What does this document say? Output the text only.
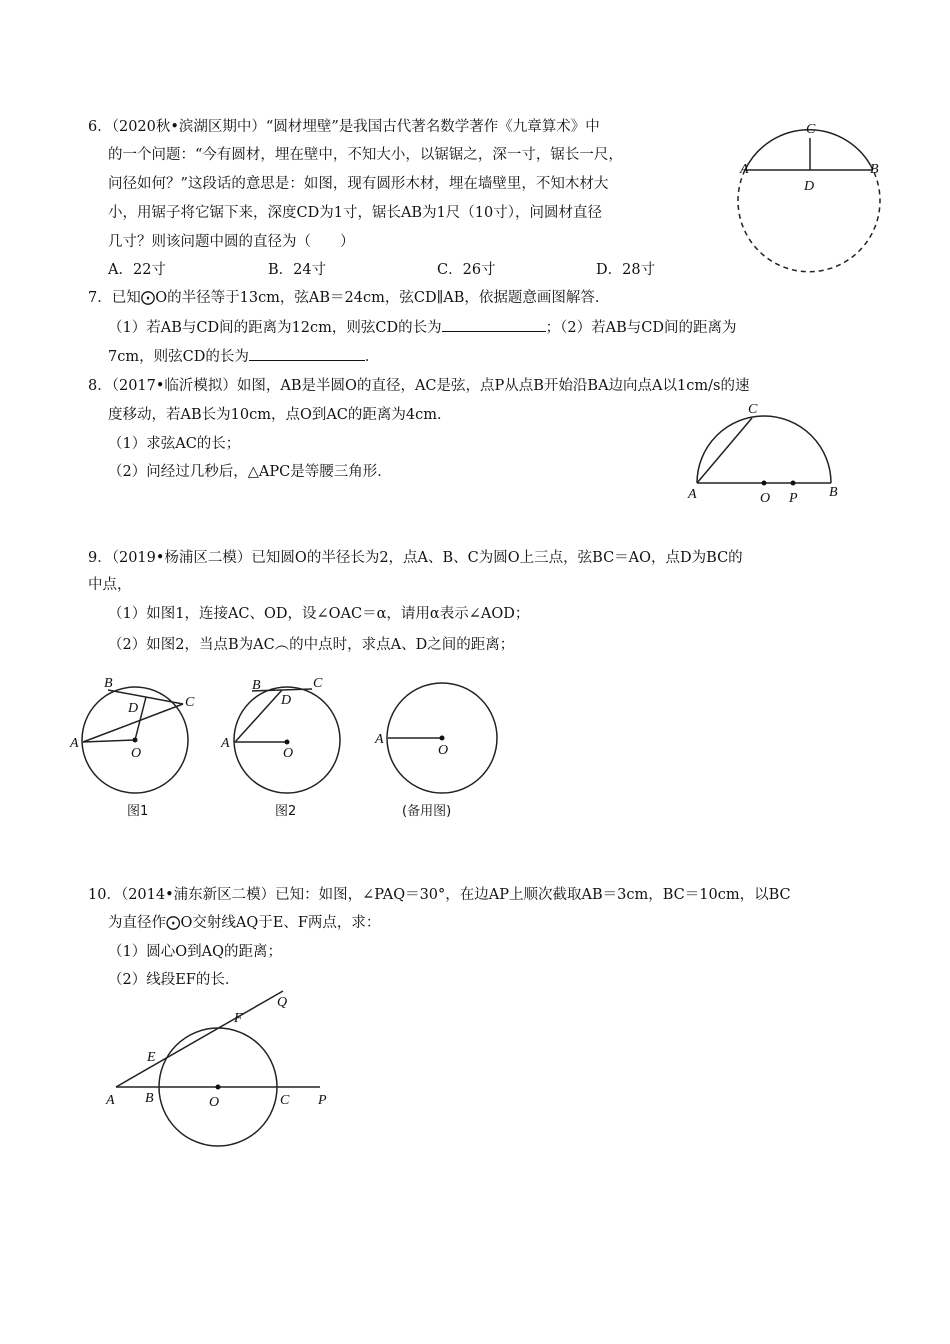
6．（2020秋•滨湖区期中）“圆材埋壁”是我国古代著名数学著作《九章算术》中
的一个问题：“今有圆材，埋在壁中，不知大小，以锯锯之，深一寸，锯长一尺，
问径如何？”这段话的意思是：如图，现有圆形木材，埋在墙壁里，不知木材大
小，用锯子将它锯下来，深度CD为1寸，锯长AB为1尺（10寸），问圆材直径
几寸？则该问题中圆的直径为（　　）
A．22寸	B．24寸	C．26寸	D．28寸
7．已知⨀O的半径等于13cm，弦AB＝24cm，弦CD∥AB，依据题意画图解答．
（1）若AB与CD间的距离为12cm，则弦CD的长为	；（2）若AB与CD间的距离为
7cm，则弦CD的长为	．
8．（2017•临沂模拟）如图，AB是半圆O的直径，AC是弦，点P从点B开始沿BA边向点A以1cm/s的速
度移动，若AB长为10cm，点O到AC的距离为4cm．
（1）求弦AC的长；
（2）问经过几秒后，△APC是等腰三角形．
9．（2019•杨浦区二模）已知圆O的半径长为2，点A、B、C为圆O上三点，弦BC＝AO，点D为BC的
中点，
（1）如图1，连接AC、OD，设∠OAC＝α，请用α表示∠AOD；
（2）如图2，当点B为AC︵的中点时，求点A、D之间的距离；
10．（2014•浦东新区二模）已知：如图，∠PAQ＝30°，在边AP上顺次截取AB＝3cm，BC＝10cm，以BC
为直径作⨀O交射线AQ于E、F两点，求：
（1）圆心O到AQ的距离；
（2）线段EF的长．
A	B
C
D
A	O P B
C
B
C
D
A
O
图1
B	C
D
A
O
图2
A
O
(备用图)
A B	O	C P
E
F
Q
